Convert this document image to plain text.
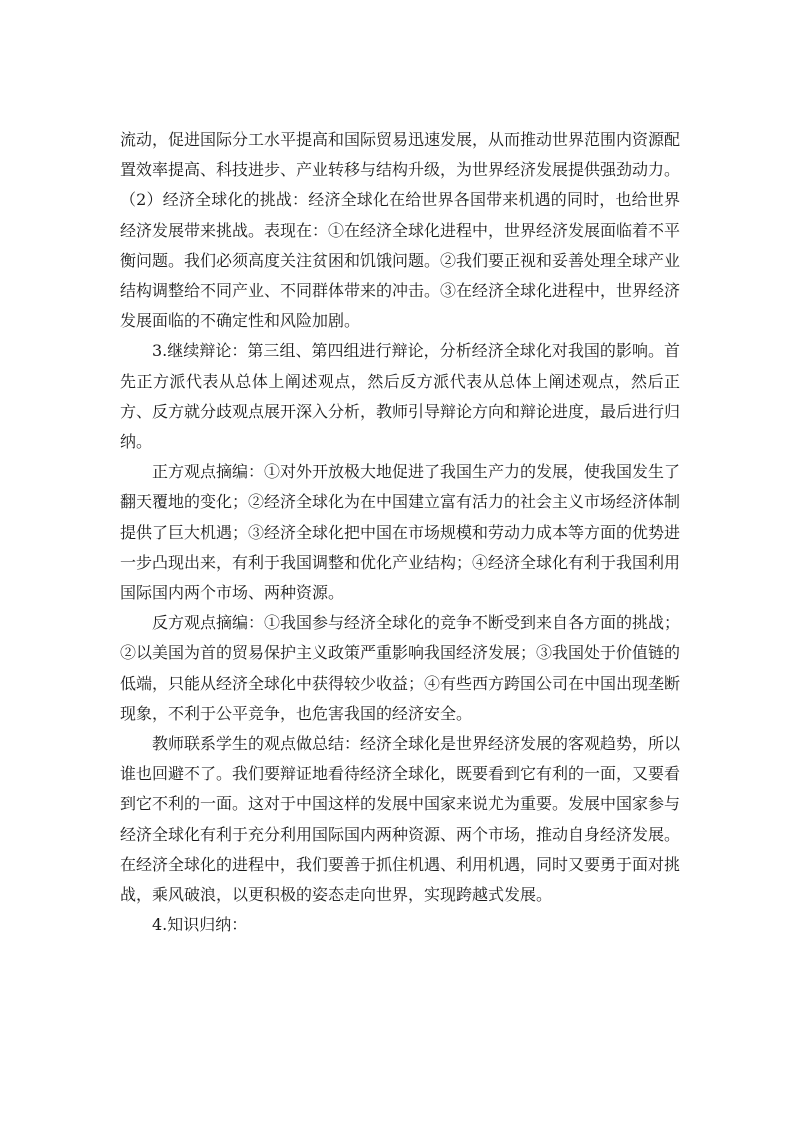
流动，促进国际分工水平提高和国际贸易迅速发展，从而推动世界范围内资源配置效率提高、科技进步、产业转移与结构升级，为世界经济发展提供强劲动力。

（2）经济全球化的挑战：经济全球化在给世界各国带来机遇的同时，也给世界经济发展带来挑战。表现在：①在经济全球化进程中，世界经济发展面临着不平衡问题。我们必须高度关注贫困和饥饿问题。②我们要正视和妥善处理全球产业结构调整给不同产业、不同群体带来的冲击。③在经济全球化进程中，世界经济发展面临的不确定性和风险加剧。

3.继续辩论：第三组、第四组进行辩论，分析经济全球化对我国的影响。首先正方派代表从总体上阐述观点，然后反方派代表从总体上阐述观点，然后正方、反方就分歧观点展开深入分析，教师引导辩论方向和辩论进度，最后进行归纳。

正方观点摘编：①对外开放极大地促进了我国生产力的发展，使我国发生了翻天覆地的变化；②经济全球化为在中国建立富有活力的社会主义市场经济体制提供了巨大机遇；③经济全球化把中国在市场规模和劳动力成本等方面的优势进一步凸现出来，有利于我国调整和优化产业结构；④经济全球化有利于我国利用国际国内两个市场、两种资源。

反方观点摘编：①我国参与经济全球化的竞争不断受到来自各方面的挑战；②以美国为首的贸易保护主义政策严重影响我国经济发展；③我国处于价值链的低端，只能从经济全球化中获得较少收益；④有些西方跨国公司在中国出现垄断现象，不利于公平竞争，也危害我国的经济安全。

教师联系学生的观点做总结：经济全球化是世界经济发展的客观趋势，所以谁也回避不了。我们要辩证地看待经济全球化，既要看到它有利的一面，又要看到它不利的一面。这对于中国这样的发展中国家来说尤为重要。发展中国家参与经济全球化有利于充分利用国际国内两种资源、两个市场，推动自身经济发展。在经济全球化的进程中，我们要善于抓住机遇、利用机遇，同时又要勇于面对挑战，乘风破浪，以更积极的姿态走向世界，实现跨越式发展。

4.知识归纳：
